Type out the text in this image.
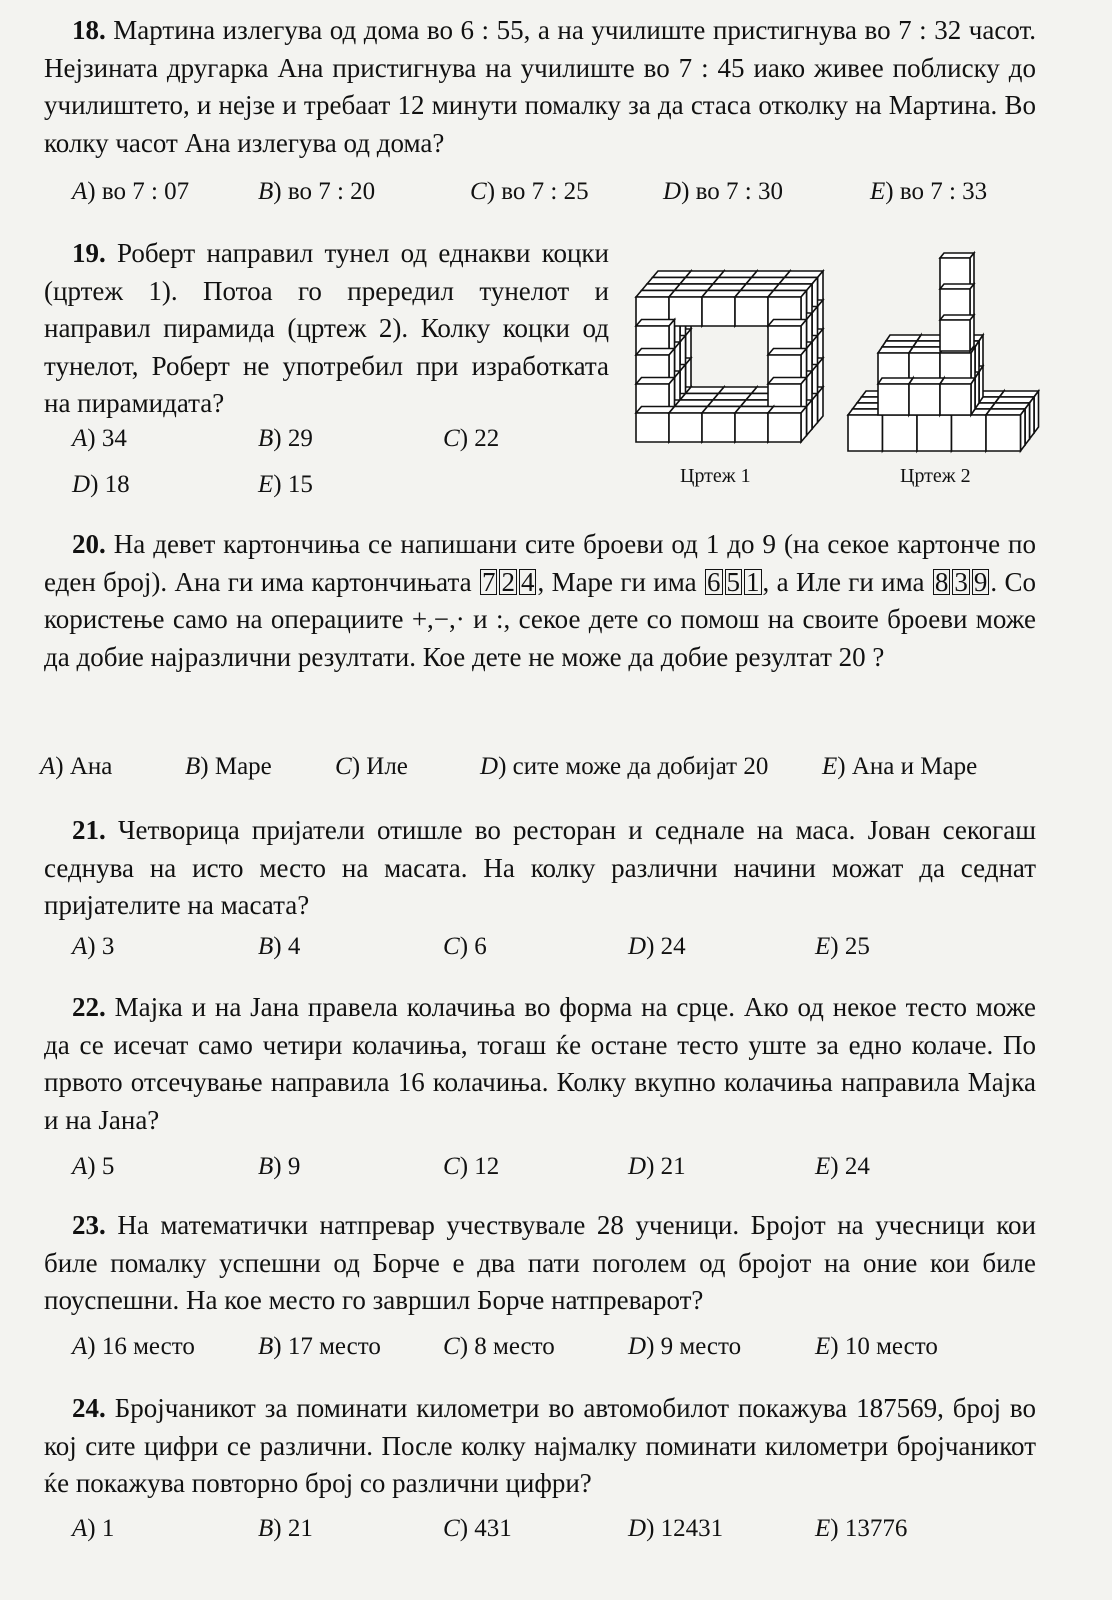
18. Мартина излегува од дома во 6 : 55, а на училиште пристигнува во 7 : 32 часот. Нејзината другарка Ана пристигнува на училиште во 7 : 45 иако живее поблиску до училиштето, и нејзе и требаат 12 минути помалку за да стаса отколку на Мартина. Во колку часот Ана излегува од дома?
19. Роберт направил тунел од еднакви коцки (цртеж 1). Потоа го прередил тунелот и направил пирамида (цртеж 2). Колку коцки од тунелот, Роберт не употребил при изработката на пирамидата?
Цртеж 1	Цртеж 2
20. На девет картончиња се напишани сите броеви од 1 до 9 (на секое картонче по еден број). Ана ги има картончињата 7 2 4 , Маре ги има 6 5 1 , а Иле ги има 8 3 9 . Со користење само на операциите +,−,· и :, секое дете со помош на своите броеви може да добие најразлични резултати. Кое дете не може да добие резултат 20 ?
21. Четворица пријатели отишле во ресторан и седнале на маса. Јован секогаш седнува на исто место на масата. На колку различни начини можат да седнат пријателите на масата?
22. Мајка и на Јана правела колачиња во форма на срце. Ако од некое тесто може да се исечат само четири колачиња, тогаш ќе остане тесто уште за едно колаче. По првото отсечување направила 16 колачиња. Колку вкупно колачиња направила Мајка и на Јана?
23. На математички натпревар учествувале 28 ученици. Бројот на учесници кои биле помалку успешни од Борче е два пати поголем од бројот на оние кои биле поуспешни. На кое место го завршил Борче натпреварот?
24. Бројчаникот за поминати километри во автомобилот покажува 187569, број во кој сите цифри се различни. После колку најмалку поминати километри бројчаникот ќе покажува повторно број со различни цифри?
A) во 7 : 07	B) во 7 : 20	C) во 7 : 25	D) во 7 : 30	E) во 7 : 33
A) 34	B) 29	C) 22
D) 18	E) 15
A) Ана	B) Маре	C) Иле	D) сите може да добијат 20 E) Ана и Маре
A) 3	B) 4	C) 6	D) 24	E) 25
A) 5	B) 9	C) 12	D) 21	E) 24
A) 16 место	B) 17 место C) 8 место	D) 9 место	E) 10 место
A) 1	B) 21	C) 431	D) 12431	E) 13776
